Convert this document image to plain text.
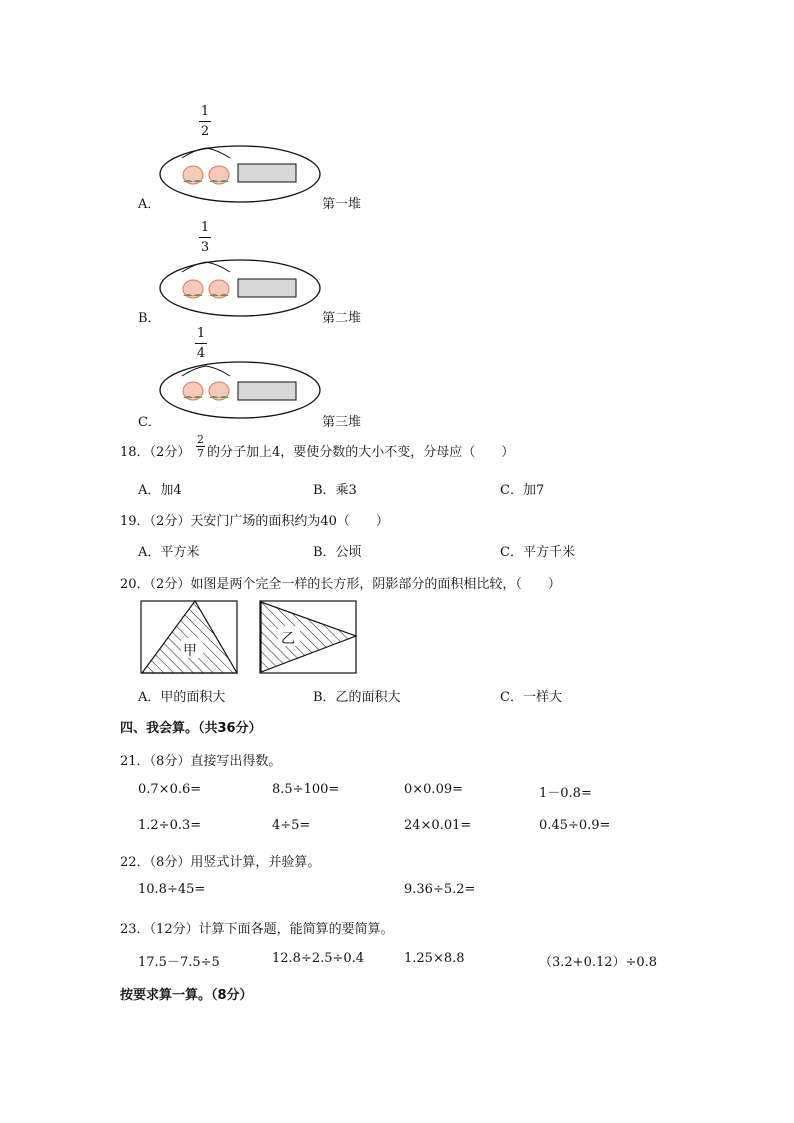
1
2
A．	第一堆
1
3
B．	第二堆
1
4
C．	第三堆
18．（2分）
2
7 的分子加上4，要使分数的大小不变，分母应（　　）
A．加4	B．乘3	C．加7
19．（2分）天安门广场的面积约为40（　　）
A．平方米	B．公顷	C．平方千米
20．（2分）如图是两个完全一样的长方形，阴影部分的面积相比较，（　　）
甲
乙
A．甲的面积大	B．乙的面积大	C．一样大
四、我会算。（共36分）
21．（8分）直接写出得数。
0.7×0.6=	8.5÷100=	0×0.09=	1－0.8=
1.2÷0.3=	4÷5=	24×0.01=	0.45÷0.9=
22．（8分）用竖式计算，并验算。
10.8÷45=	9.36÷5.2=
23．（12分）计算下面各题，能简算的要简算。
17.5－7.5÷5	12.8÷2.5÷0.4	1.25×8.8	（3.2+0.12）÷0.8
按要求算一算。（8分）
